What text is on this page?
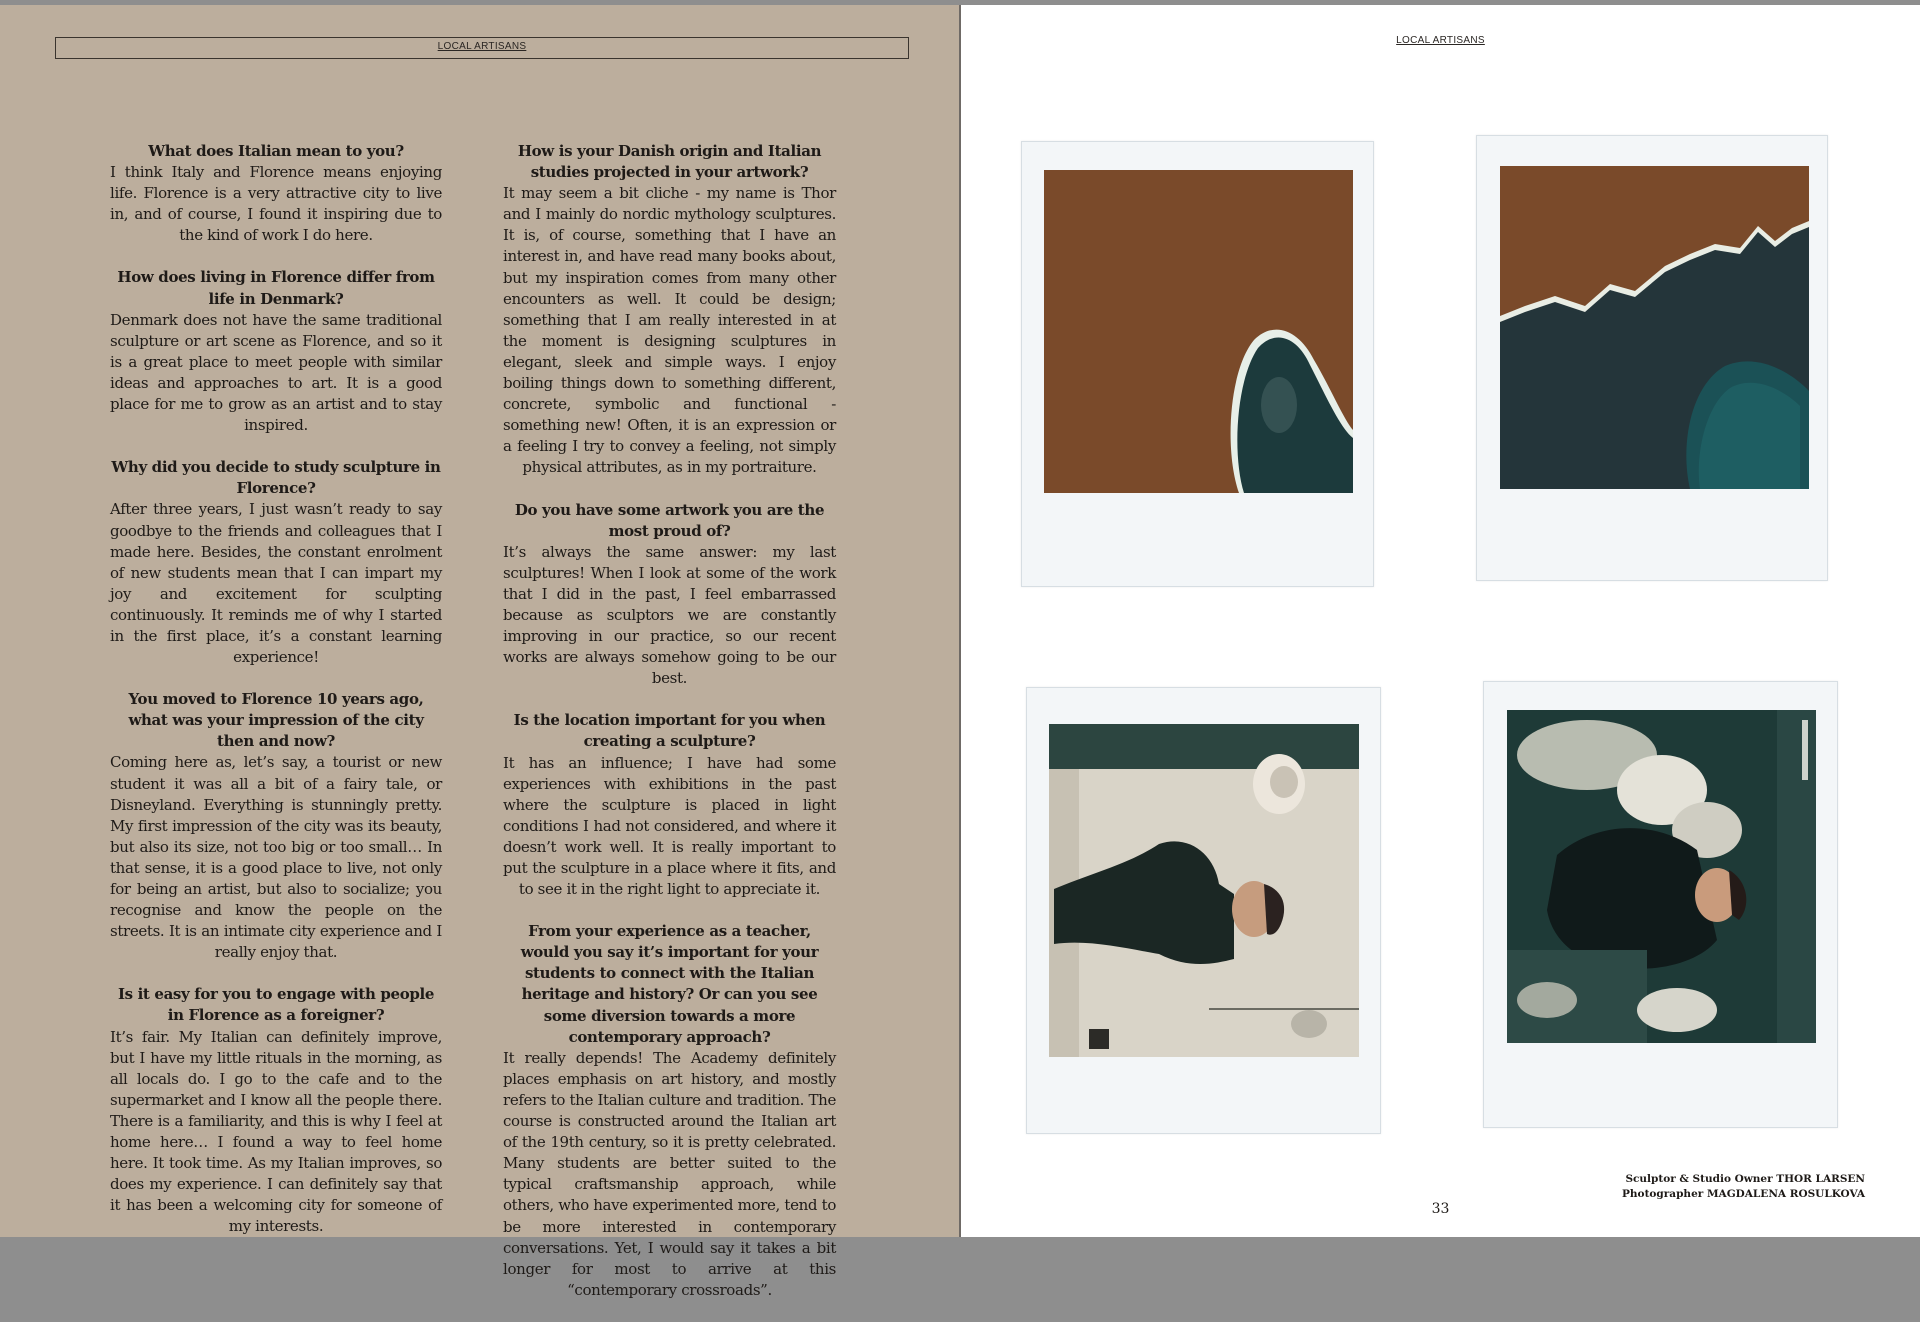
LOCAL ARTISANS
What does Italian mean to you?
I think Italy and Florence means enjoying life. Florence is a very attractive city to live in, and of course, I found it inspiring due to the kind of work I do here.
How does living in Florence differ from life in Denmark?
Denmark does not have the same traditional sculpture or art scene as Florence, and so it is a great place to meet people with similar ideas and approaches to art. It is a good place for me to grow as an artist and to stay inspired.
Why did you decide to study sculpture in Florence?
After three years, I just wasn’t ready to say goodbye to the friends and colleagues that I made here. Besides, the constant enrolment of new students mean that I can impart my joy and excitement for sculpting continuously. It reminds me of why I started in the first place, it’s a constant learning experience!
You moved to Florence 10 years ago, what was your impression of the city then and now?
Coming here as, let’s say, a tourist or new student it was all a bit of a fairy tale, or Disneyland. Everything is stunningly pretty. My first impression of the city was its beauty, but also its size, not too big or too small… In that sense, it is a good place to live, not only for being an artist, but also to socialize; you recognise and know the people on the streets. It is an intimate city experience and I really enjoy that.
Is it easy for you to engage with people in Florence as a foreigner?
It’s fair. My Italian can definitely improve, but I have my little rituals in the morning, as all locals do. I go to the cafe and to the supermarket and I know all the people there. There is a familiarity, and this is why I feel at home here… I found a way to feel home here. It took time. As my Italian improves, so does my experience. I can definitely say that it has been a welcoming city for someone of my interests.
How is your Danish origin and Italian studies projected in your artwork?
It may seem a bit cliche - my name is Thor and I mainly do nordic mythology sculptures. It is, of course, something that I have an interest in, and have read many books about, but my inspiration comes from many other encounters as well. It could be design; something that I am really interested in at the moment is designing sculptures in elegant, sleek and simple ways. I enjoy boiling things down to something different, concrete, symbolic and functional - something new! Often, it is an expression or a feeling I try to convey a feeling, not simply physical attributes, as in my portraiture.
Do you have some artwork you are the most proud of?
It’s always the same answer: my last sculptures! When I look at some of the work that I did in the past, I feel embarrassed because as sculptors we are constantly improving in our practice, so our recent works are always somehow going to be our best.
Is the location important for you when creating a sculpture?
It has an influence; I have had some experiences with exhibitions in the past where the sculpture is placed in light conditions I had not considered, and where it doesn’t work well. It is really important to put the sculpture in a place where it fits, and to see it in the right light to appreciate it.
From your experience as a teacher, would you say it’s important for your students to connect with the Italian heritage and history? Or can you see some diversion towards a more contemporary approach?
It really depends! The Academy definitely places emphasis on art history, and mostly refers to the Italian culture and tradition. The course is constructed around the Italian art of the 19th century, so it is pretty celebrated. Many students are better suited to the typical craftsmanship approach, while others, who have experimented more, tend to be more interested in contemporary conversations. Yet, I would say it takes a bit longer for most to arrive at this “contemporary crossroads”.
LOCAL ARTISANS
Sculptor & Studio Owner THOR LARSEN
Photographer MAGDALENA ROSULKOVA
33
